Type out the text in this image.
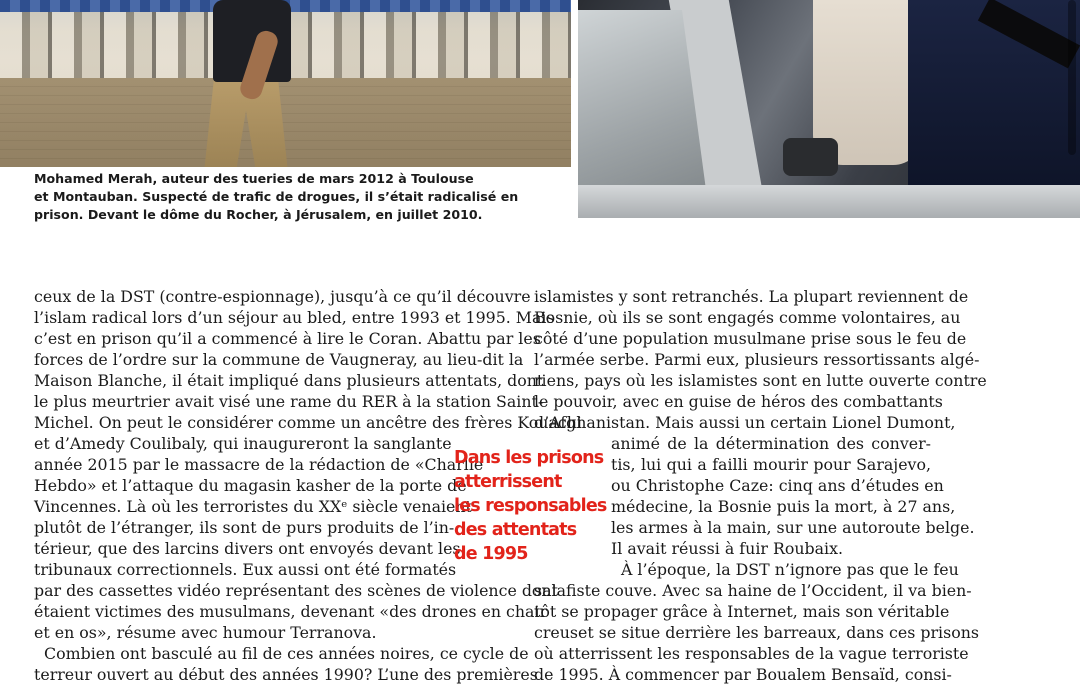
Mohamed Merah, auteur des tueries de mars 2012 à Toulouse
et Montauban. Suspecté de trafic de drogues, il s’était radicalisé en
prison. Devant le dôme du Rocher, à Jérusalem, en juillet 2010.

ceux de la DST (contre-espionnage), jusqu’à ce qu’il découvre
l’islam radical lors d’un séjour au bled, entre 1993 et 1995. Mais
c’est en prison qu’il a commencé à lire le Coran. Abattu par les
forces de l’ordre sur la commune de Vaugneray, au lieu-dit la
Maison Blanche, il était impliqué dans plusieurs attentats, dont
le plus meurtrier avait visé une rame du RER à la station Saint-
Michel. On peut le considérer comme un ancêtre des frères Kouachi
et d’Amedy Coulibaly, qui inaugureront la sanglante
année 2015 par le massacre de la rédaction de «Charlie
Hebdo» et l’attaque du magasin kasher de la porte de
Vincennes. Là où les terroristes du XXᵉ siècle venaient
plutôt de l’étranger, ils sont de purs produits de l’in-
térieur, que des larcins divers ont envoyés devant les
tribunaux correctionnels. Eux aussi ont été formatés
par des cassettes vidéo représentant des scènes de violence dont
étaient victimes des musulmans, devenant «des drones en chair
et en os», résume avec humour Terranova.
Combien ont basculé au fil de ces années noires, ce cycle de
terreur ouvert au début des années 1990? L’une des premières
Dans les prisons
atterrissent
les responsables
des attentats
de 1995
islamistes y sont retranchés. La plupart reviennent de
Bosnie, où ils se sont engagés comme volontaires, au
côté d’une population musulmane prise sous le feu de
l’armée serbe. Parmi eux, plusieurs ressortissants algé-
riens, pays où les islamistes sont en lutte ouverte contre
le pouvoir, avec en guise de héros des combattants
d’Afghanistan. Mais aussi un certain Lionel Dumont,
animé de la détermination des conver-
tis, lui qui a failli mourir pour Sarajevo,
ou Christophe Caze: cinq ans d’études en
médecine, la Bosnie puis la mort, à 27 ans,
les armes à la main, sur une autoroute belge.
Il avait réussi à fuir Roubaix.
À l’époque, la DST n’ignore pas que le feu
salafiste couve. Avec sa haine de l’Occident, il va bien-
tôt se propager grâce à Internet, mais son véritable
creuset se situe derrière les barreaux, dans ces prisons
où atterrissent les responsables de la vague terroriste
de 1995. À commencer par Boualem Bensaïd, consi-
